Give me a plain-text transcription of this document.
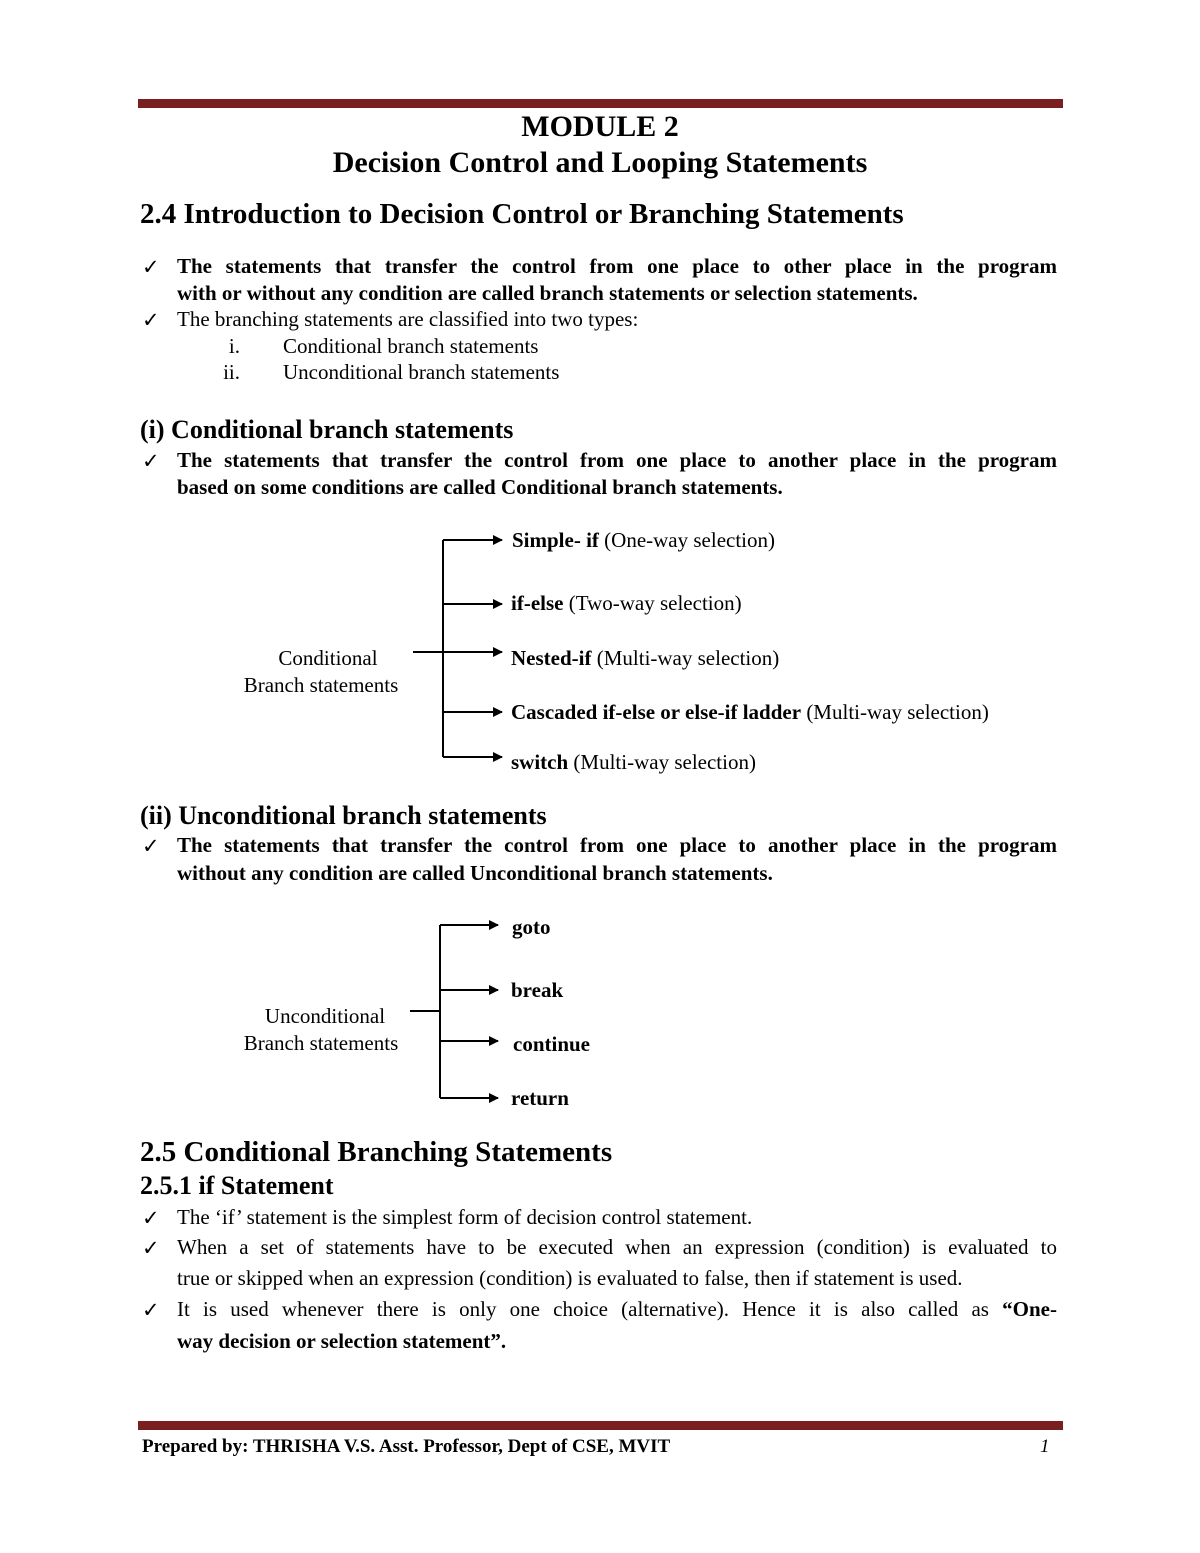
MODULE 2
Decision Control and Looping Statements
2.4 Introduction to Decision Control or Branching Statements
✓ The statements that transfer the control from one place to other place in the program
with or without any condition are called branch statements or selection statements.
✓ The branching statements are classified into two types:
i. Conditional branch statements
ii. Unconditional branch statements
(i) Conditional branch statements
✓ The statements that transfer the control from one place to another place in the program
based on some conditions are called Conditional branch statements.
Conditional
Branch statements
Simple- if (One-way selection)
if-else (Two-way selection)
Nested-if (Multi-way selection)
Cascaded if-else or else-if ladder (Multi-way selection)
switch (Multi-way selection)
(ii) Unconditional branch statements
✓ The statements that transfer the control from one place to another place in the program
without any condition are called Unconditional branch statements.
Unconditional
Branch statements
goto
break
continue
return
2.5 Conditional Branching Statements
2.5.1 if Statement
✓ The ‘if’ statement is the simplest form of decision control statement.
✓ When a set of statements have to be executed when an expression (condition) is evaluated to
true or skipped when an expression (condition) is evaluated to false, then if statement is used.
✓ It is used whenever there is only one choice (alternative). Hence it is also called as “One-
way decision or selection statement”.
Prepared by: THRISHA V.S. Asst. Professor, Dept of CSE, MVIT	1
